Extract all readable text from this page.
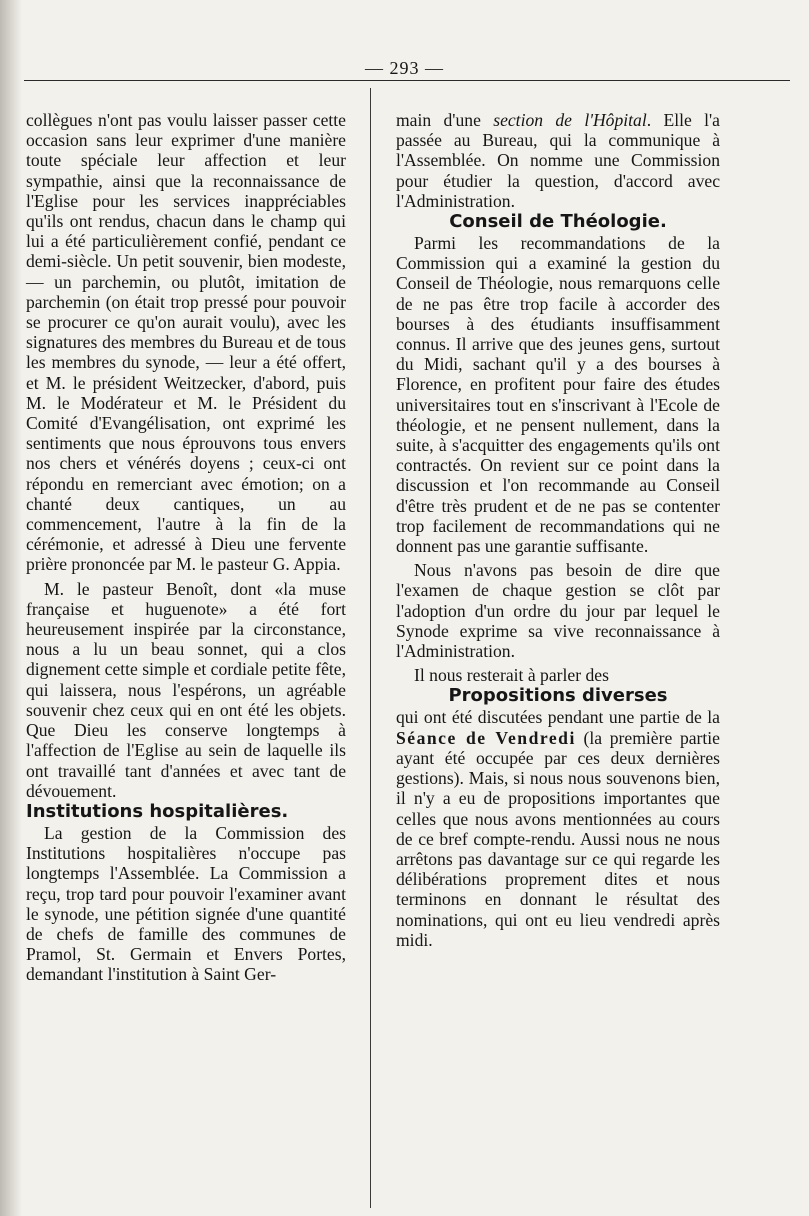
— 293 —

collègues n'ont pas voulu laisser passer cette occasion sans leur exprimer d'une manière toute spéciale leur affection et leur sympathie, ainsi que la reconnaissance de l'Eglise pour les services inappréciables qu'ils ont rendus, chacun dans le champ qui lui a été particulièrement confié, pendant ce demi-siècle. Un petit souvenir, bien modeste, — un parchemin, ou plutôt, imitation de parchemin (on était trop pressé pour pouvoir se procurer ce qu'on aurait voulu), avec les signatures des membres du Bureau et de tous les membres du synode, — leur a été offert, et M. le président Weitzecker, d'abord, puis M. le Modérateur et M. le Président du Comité d'Evangélisation, ont exprimé les sentiments que nous éprouvons tous envers nos chers et vénérés doyens ; ceux-ci ont répondu en remerciant avec émotion; on a chanté deux cantiques, un au commencement, l'autre à la fin de la cérémonie, et adressé à Dieu une fervente prière prononcée par M. le pasteur G. Appia.

M. le pasteur Benoît, dont «la muse française et huguenote» a été fort heureusement inspirée par la circonstance, nous a lu un beau sonnet, qui a clos dignement cette simple et cordiale petite fête, qui laissera, nous l'espérons, un agréable souvenir chez ceux qui en ont été les objets. Que Dieu les conserve longtemps à l'affection de l'Eglise au sein de laquelle ils ont travaillé tant d'années et avec tant de dévouement.

Institutions hospitalières.

La gestion de la Commission des Institutions hospitalières n'occupe pas longtemps l'Assemblée. La Commission a reçu, trop tard pour pouvoir l'examiner avant le synode, une pétition signée d'une quantité de chefs de famille des communes de Pramol, St. Germain et Envers Portes, demandant l'institution à Saint Ger-

main d'une section de l'Hôpital. Elle l'a passée au Bureau, qui la communique à l'Assemblée. On nomme une Commission pour étudier la question, d'accord avec l'Administration.

Conseil de Théologie.

Parmi les recommandations de la Commission qui a examiné la gestion du Conseil de Théologie, nous remarquons celle de ne pas être trop facile à accorder des bourses à des étudiants insuffisamment connus. Il arrive que des jeunes gens, surtout du Midi, sachant qu'il y a des bourses à Florence, en profitent pour faire des études universitaires tout en s'inscrivant à l'Ecole de théologie, et ne pensent nullement, dans la suite, à s'acquitter des engagements qu'ils ont contractés. On revient sur ce point dans la discussion et l'on recommande au Conseil d'être très prudent et de ne pas se contenter trop facilement de recommandations qui ne donnent pas une garantie suffisante.

Nous n'avons pas besoin de dire que l'examen de chaque gestion se clôt par l'adoption d'un ordre du jour par lequel le Synode exprime sa vive reconnaissance à l'Administration.

Il nous resterait à parler des

Propositions diverses

qui ont été discutées pendant une partie de la Séance de Vendredi (la première partie ayant été occupée par ces deux dernières gestions). Mais, si nous nous souvenons bien, il n'y a eu de propositions importantes que celles que nous avons mentionnées au cours de ce bref compte-rendu. Aussi nous ne nous arrêtons pas davantage sur ce qui regarde les délibérations proprement dites et nous terminons en donnant le résultat des nominations, qui ont eu lieu vendredi après midi.
